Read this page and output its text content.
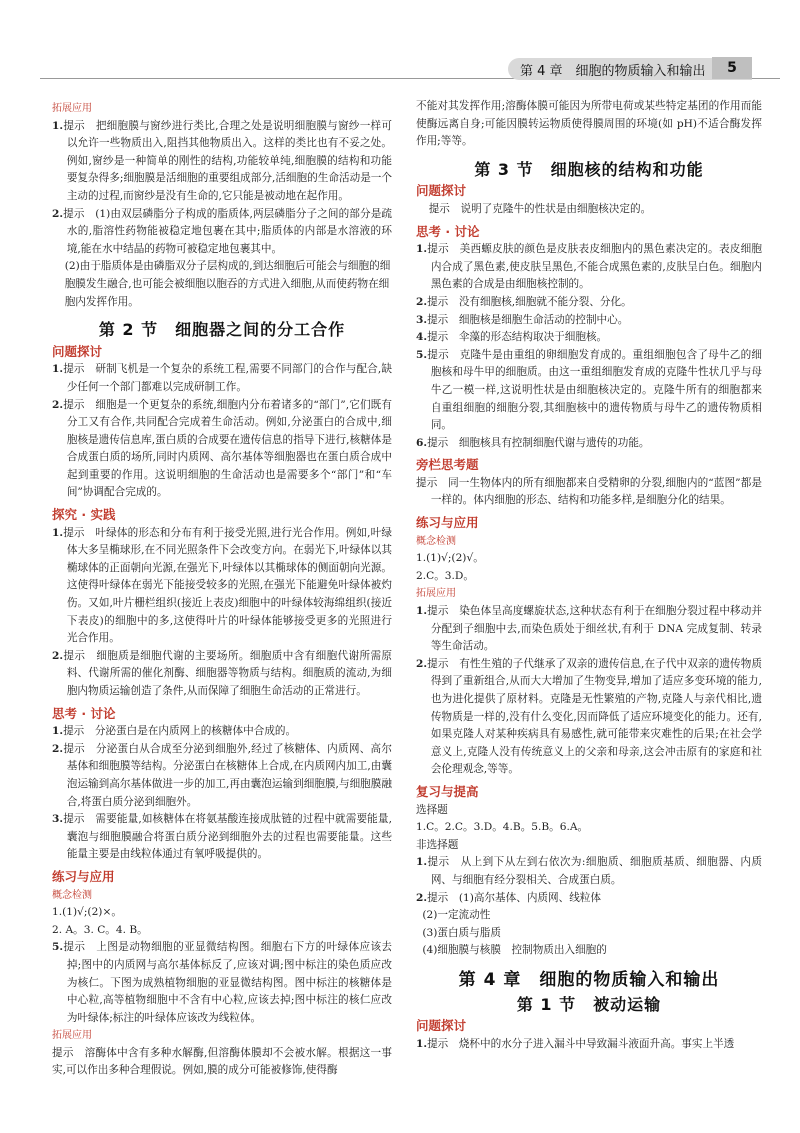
第 4 章　细胞的物质输入和输出	5

拓展应用

1.提示　把细胞膜与窗纱进行类比,合理之处是说明细胞膜与窗纱一样可以允许一些物质出入,阻挡其他物质出入。这样的类比也有不妥之处。例如,窗纱是一种简单的刚性的结构,功能较单纯,细胞膜的结构和功能要复杂得多;细胞膜是活细胞的重要组成部分,活细胞的生命活动是一个主动的过程,而窗纱是没有生命的,它只能是被动地在起作用。

2.提示　(1)由双层磷脂分子构成的脂质体,两层磷脂分子之间的部分是疏水的,脂溶性药物能被稳定地包裹在其中;脂质体的内部是水溶液的环境,能在水中结晶的药物可被稳定地包裹其中。

(2)由于脂质体是由磷脂双分子层构成的,到达细胞后可能会与细胞的细胞膜发生融合,也可能会被细胞以胞吞的方式进入细胞,从而使药物在细胞内发挥作用。

第 2 节　细胞器之间的分工合作

问题探讨

1.提示　研制飞机是一个复杂的系统工程,需要不同部门的合作与配合,缺少任何一个部门都难以完成研制工作。

2.提示　细胞是一个更复杂的系统,细胞内分布着诸多的“部门”,它们既有分工又有合作,共同配合完成着生命活动。例如,分泌蛋白的合成中,细胞核是遗传信息库,蛋白质的合成要在遗传信息的指导下进行,核糖体是合成蛋白质的场所,同时内质网、高尔基体等细胞器也在蛋白质合成中起到重要的作用。这说明细胞的生命活动也是需要多个“部门”和“车间”协调配合完成的。

探究 · 实践

1.提示　叶绿体的形态和分布有利于接受光照,进行光合作用。例如,叶绿体大多呈椭球形,在不同光照条件下会改变方向。在弱光下,叶绿体以其椭球体的正面朝向光源,在强光下,叶绿体以其椭球体的侧面朝向光源。这使得叶绿体在弱光下能接受较多的光照,在强光下能避免叶绿体被灼伤。又如,叶片栅栏组织(接近上表皮)细胞中的叶绿体较海绵组织(接近下表皮)的细胞中的多,这使得叶片的叶绿体能够接受更多的光照进行光合作用。

2.提示　细胞质是细胞代谢的主要场所。细胞质中含有细胞代谢所需原料、代谢所需的催化剂酶、细胞器等物质与结构。细胞质的流动,为细胞内物质运输创造了条件,从而保障了细胞生命活动的正常进行。

思考 · 讨论

1.提示　分泌蛋白是在内质网上的核糖体中合成的。

2.提示　分泌蛋白从合成至分泌到细胞外,经过了核糖体、内质网、高尔基体和细胞膜等结构。分泌蛋白在核糖体上合成,在内质网内加工,由囊泡运输到高尔基体做进一步的加工,再由囊泡运输到细胞膜,与细胞膜融合,将蛋白质分泌到细胞外。

3.提示　需要能量,如核糖体在将氨基酸连接成肽链的过程中就需要能量,囊泡与细胞膜融合将蛋白质分泌到细胞外去的过程也需要能量。这些能量主要是由线粒体通过有氧呼吸提供的。

练习与应用

概念检测

1.(1)√;(2)×。

2. A。3. C。4. B。

5.提示　上图是动物细胞的亚显微结构图。细胞右下方的叶绿体应该去掉;图中的内质网与高尔基体标反了,应该对调;图中标注的染色质应改为核仁。下图为成熟植物细胞的亚显微结构图。图中标注的核糖体是中心粒,高等植物细胞中不含有中心粒,应该去掉;图中标注的核仁应改为叶绿体;标注的叶绿体应该改为线粒体。

拓展应用

提示　溶酶体中含有多种水解酶,但溶酶体膜却不会被水解。根据这一事实,可以作出多种合理假说。例如,膜的成分可能被修饰,使得酶

不能对其发挥作用;溶酶体膜可能因为所带电荷或某些特定基团的作用而能使酶远离自身;可能因膜转运物质使得膜周围的环境(如 pH)不适合酶发挥作用;等等。

第 3 节　细胞核的结构和功能

问题探讨

提示　说明了克隆牛的性状是由细胞核决定的。

思考 · 讨论

1.提示　美西螈皮肤的颜色是皮肤表皮细胞内的黑色素决定的。表皮细胞内合成了黑色素,使皮肤呈黑色,不能合成黑色素的,皮肤呈白色。细胞内黑色素的合成是由细胞核控制的。

2.提示　没有细胞核,细胞就不能分裂、分化。

3.提示　细胞核是细胞生命活动的控制中心。

4.提示　伞藻的形态结构取决于细胞核。

5.提示　克隆牛是由重组的卵细胞发育成的。重组细胞包含了母牛乙的细胞核和母牛甲的细胞质。由这一重组细胞发育成的克隆牛性状几乎与母牛乙一模一样,这说明性状是由细胞核决定的。克隆牛所有的细胞都来自重组细胞的细胞分裂,其细胞核中的遗传物质与母牛乙的遗传物质相同。

6.提示　细胞核具有控制细胞代谢与遗传的功能。

旁栏思考题

提示　同一生物体内的所有细胞都来自受精卵的分裂,细胞内的“蓝图”都是一样的。体内细胞的形态、结构和功能多样,是细胞分化的结果。

练习与应用

概念检测

1.(1)√;(2)√。

2.C。3.D。

拓展应用

1.提示　染色体呈高度螺旋状态,这种状态有利于在细胞分裂过程中移动并分配到子细胞中去,而染色质处于细丝状,有利于 DNA 完成复制、转录等生命活动。

2.提示　有性生殖的子代继承了双亲的遗传信息,在子代中双亲的遗传物质得到了重新组合,从而大大增加了生物变异,增加了适应多变环境的能力,也为进化提供了原材料。克隆是无性繁殖的产物,克隆人与亲代相比,遗传物质是一样的,没有什么变化,因而降低了适应环境变化的能力。还有,如果克隆人对某种疾病具有易感性,就可能带来灾难性的后果;在社会学意义上,克隆人没有传统意义上的父亲和母亲,这会冲击原有的家庭和社会伦理观念,等等。

复习与提高

选择题

1.C。2.C。3.D。4.B。5.B。6.A。

非选择题

1.提示　从上到下从左到右依次为:细胞质、细胞质基质、细胞器、内质网、与细胞有经分裂相关、合成蛋白质。

2.提示　(1)高尔基体、内质网、线粒体

(2)一定流动性

(3)蛋白质与脂质

(4)细胞膜与核膜　控制物质出入细胞的

第 4 章　细胞的物质输入和输出
第 1 节　被动运输

问题探讨

1.提示　烧杯中的水分子进入漏斗中导致漏斗液面升高。事实上半透
